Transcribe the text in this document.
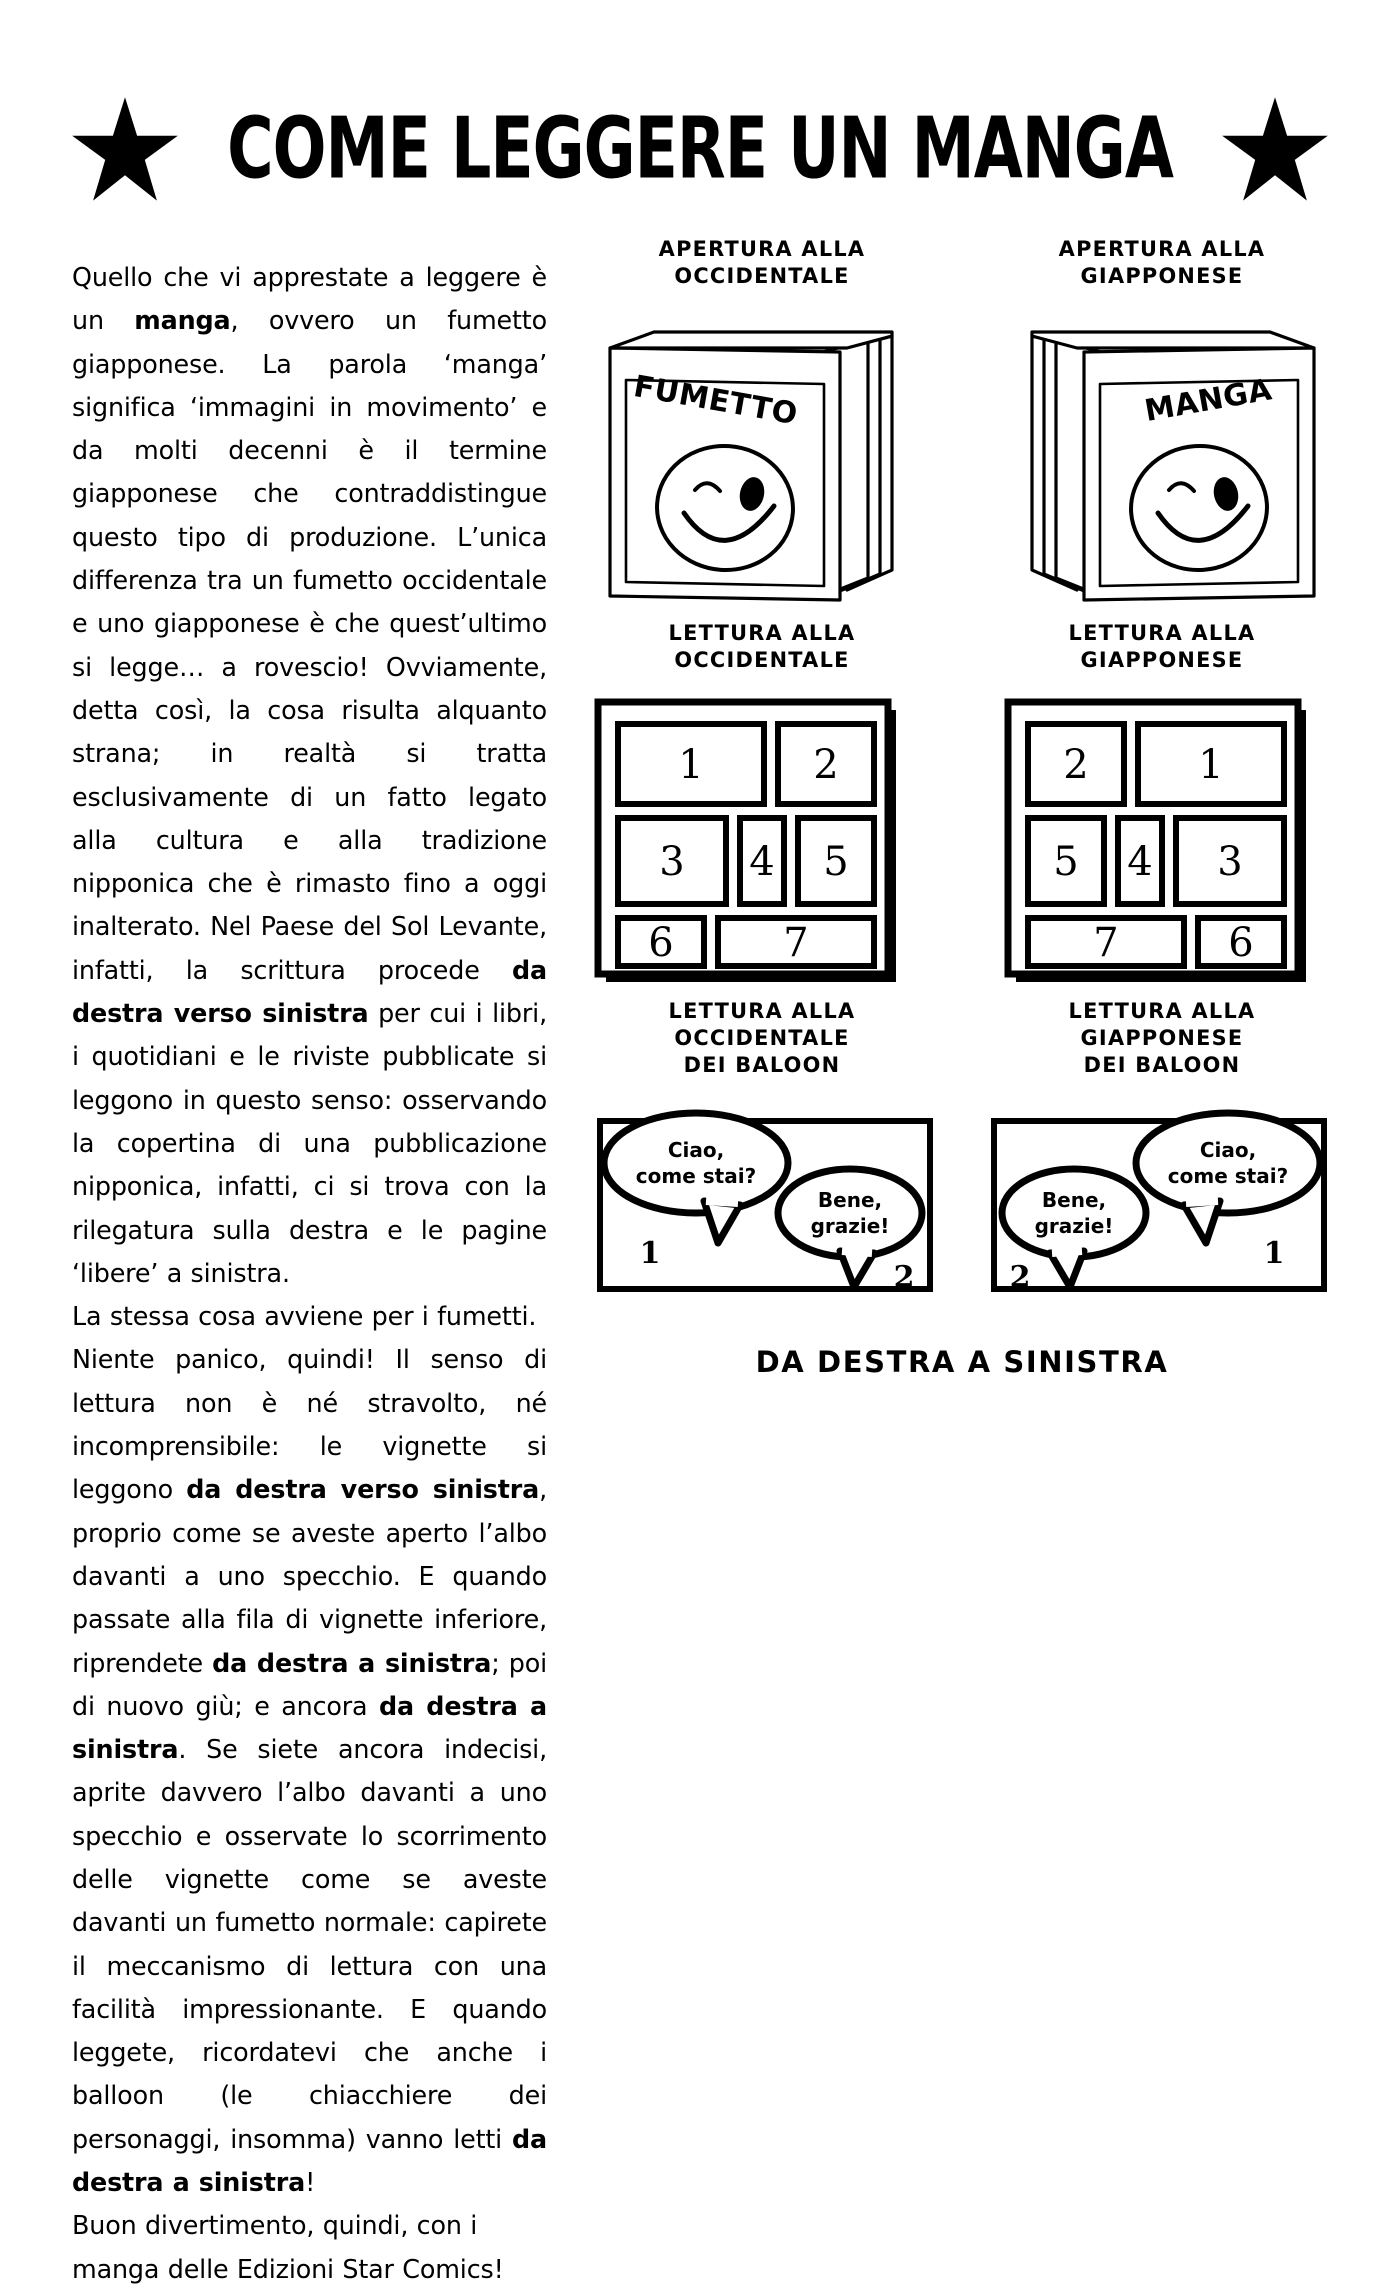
COME LEGGERE UN MANGA

Quello che vi apprestate a leggere è un manga, ovvero un fumetto giapponese. La parola ‘manga’ significa ‘immagini in movimento’ e da molti decenni è il termine giapponese che contraddistingue questo tipo di produzione. L’unica differenza tra un fumetto occidentale e uno giapponese è che quest’ultimo si legge… a rovescio! Ovviamente, detta così, la cosa risulta alquanto strana; in realtà si tratta esclusivamente di un fatto legato alla cultura e alla tradizione nipponica che è rimasto fino a oggi inalterato. Nel Paese del Sol Levante, infatti, la scrittura procede da destra verso sinistra per cui i libri, i quotidiani e le riviste pubblicate si leggono in questo senso: osservando la copertina di una pubblicazione nipponica, infatti, ci si trova con la rilegatura sulla destra e le pagine ‘libere’ a sinistra.

La stessa cosa avviene per i fumetti.

Niente panico, quindi! Il senso di lettura non è né stravolto, né incomprensibile: le vignette si leggono da destra verso sinistra, proprio come se aveste aperto l’albo davanti a uno specchio. E quando passate alla fila di vignette inferiore, riprendete da destra a sinistra; poi di nuovo giù; e ancora da destra a sinistra. Se siete ancora indecisi, aprite davvero l’albo davanti a uno specchio e osservate lo scorrimento delle vignette come se aveste davanti un fumetto normale: capirete il meccanismo di lettura con una facilità impressionante. E quando leggete, ricordatevi che anche i balloon (le chiacchiere dei personaggi, insomma) vanno letti da destra a sinistra!

Buon divertimento, quindi, con i manga delle Edizioni Star Comics!

APERTURA ALLA
OCCIDENTALE
APERTURA ALLA
GIAPPONESE
FUMETTO	MANGA
LETTURA ALLA
OCCIDENTALE
LETTURA ALLA
GIAPPONESE
1	2
3 4 5
6	7
2	1
5 4 3
7	6
LETTURA ALLA
OCCIDENTALE
DEI BALOON
LETTURA ALLA
GIAPPONESE
DEI BALOON
Ciao,
come stai?
Bene,
grazie!
1
2
Ciao,
come stai?
Bene,
grazie!
1
2
DA DESTRA A SINISTRA
